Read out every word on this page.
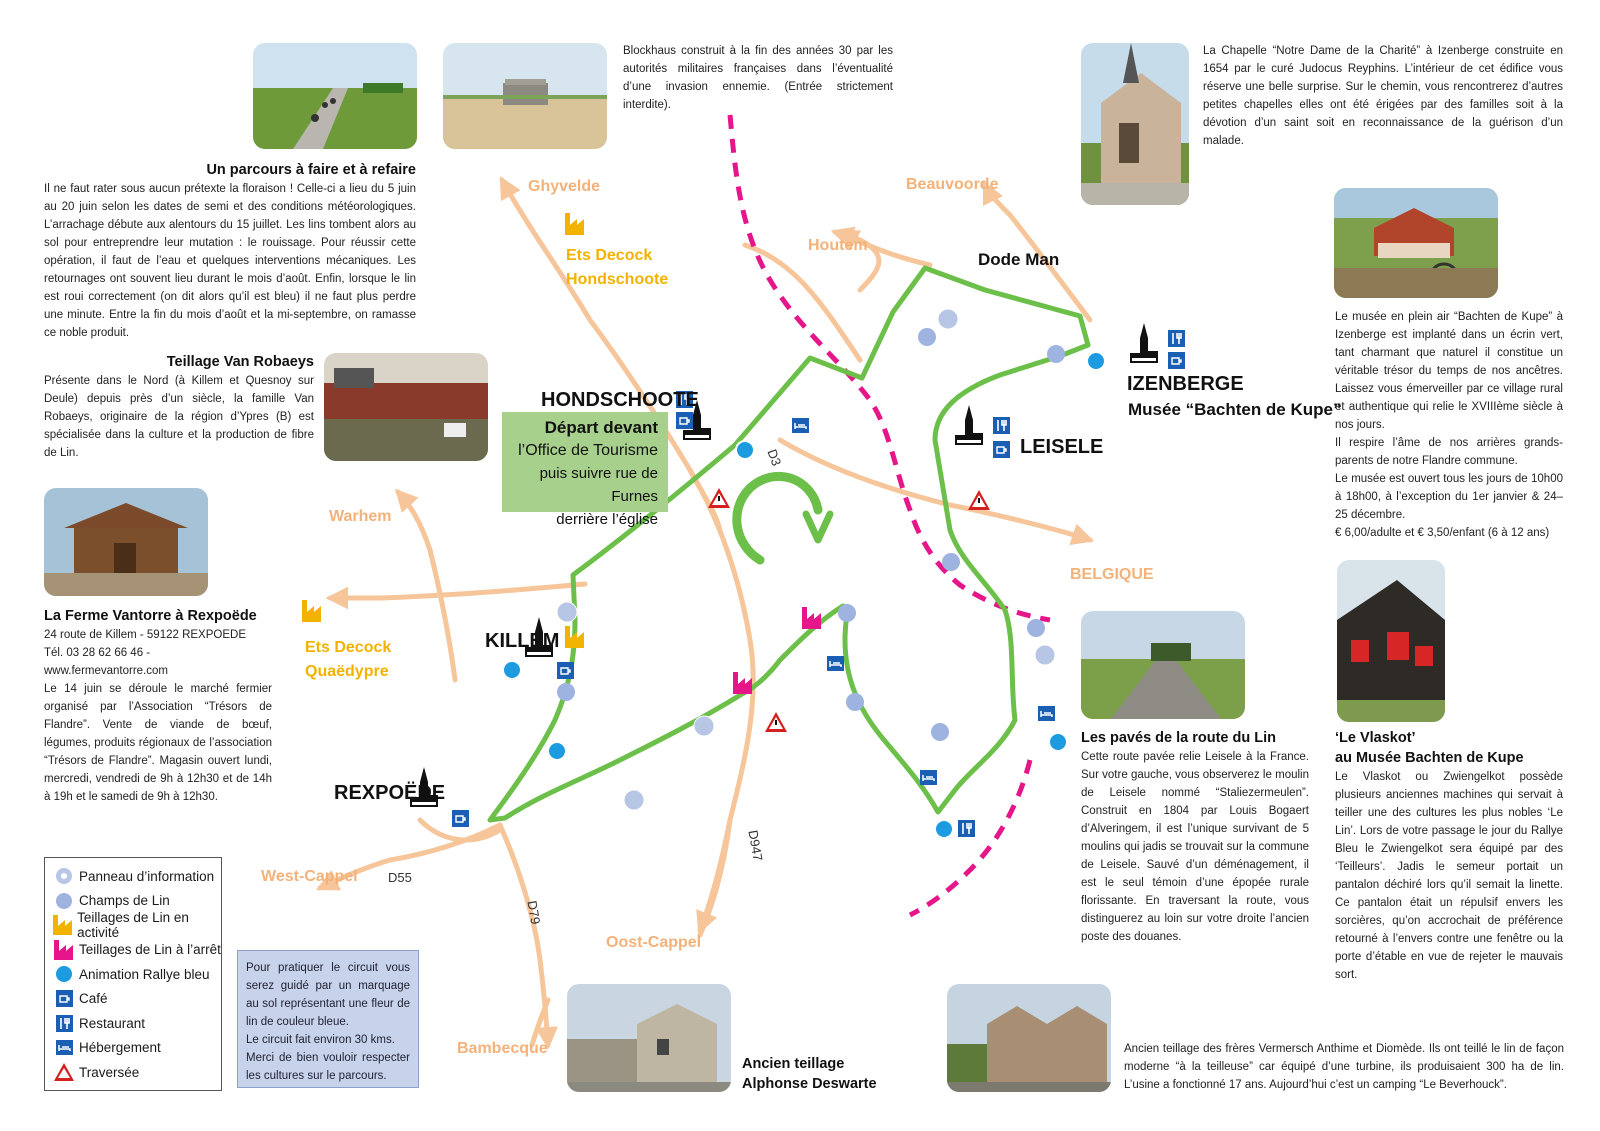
Un parcours à faire et à refaire

Il ne faut rater sous aucun prétexte la floraison ! Celle-ci a lieu du 5 juin au 20 juin selon les dates de semi et des conditions météorologiques. L’arrachage débute aux alentours du 15 juillet. Les lins tombent alors au sol pour entreprendre leur mutation : le rouissage. Pour réussir cette opération, il faut de l’eau et quelques interventions mécaniques. Les retournages ont souvent lieu durant le mois d’août. Enfin, lorsque le lin est roui correctement (on dit alors qu’il est bleu) il ne faut plus perdre une minute. Entre la fin du mois d’août et la mi-septembre, on ramasse ce noble produit.

Blockhaus construit à la fin des années 30 par les autorités militaires françaises dans l’éventualité d’une invasion ennemie. (Entrée strictement interdite).

La Chapelle “Notre Dame de la Charité” à Izenberge construite en 1654 par le curé Judocus Reyphins. L’intérieur de cet édifice vous réserve une belle surprise. Sur le chemin, vous rencontrerez d’autres petites chapelles elles ont été érigées par des familles soit à la dévotion d’un saint soit en reconnaissance de la guérison d’un malade.

Teillage Van Robaeys

Présente dans le Nord (à Killem et Quesnoy sur Deule) depuis près d’un siècle, la famille Van Robaeys, originaire de la région d’Ypres (B) est spécialisée dans la culture et la production de fibre de Lin.

Le musée en plein air “Bachten de Kupe” à Izenberge est implanté dans un écrin vert, tant charmant que naturel il constitue un véritable trésor du temps de nos ancêtres. Laissez vous émerveiller par ce village rural et authentique qui relie le XVIIIème siècle à nos jours.

Il respire l’âme de nos arrières grands-parents de notre Flandre commune.

Le musée est ouvert tous les jours de 10h00 à 18h00, à l’exception du 1er janvier & 24–25 décembre.

€ 6,00/adulte et € 3,50/enfant (6 à 12 ans)

La Ferme Vantorre à Rexpoëde

24 route de Killem - 59122 REXPOEDE

Tél. 03 28 62 66 46 - www.fermevantorre.com

Le 14 juin se déroule le marché fermier organisé par l’Association “Trésors de Flandre”. Vente de viande de bœuf, légumes, produits régionaux de l’association “Trésors de Flandre”. Magasin ouvert lundi, mercredi, vendredi de 9h à 12h30 et de 14h à 19h et le samedi de 9h à 12h30.

Les pavés de la route du Lin

Cette route pavée relie Leisele à la France. Sur votre gauche, vous observerez le moulin de Leisele nommé “Staliezermeulen”. Construit en 1804 par Louis Bogaert d’Alveringem, il est l’unique survivant de 5 moulins qui jadis se trouvait sur la commune de Leisele. Sauvé d’un déménagement, il est le seul témoin d’une épopée rurale florissante. En traversant la route, vous distinguerez au loin sur votre droite l’ancien poste des douanes.

‘Le Vlaskot’
au Musée Bachten de Kupe

Le Vlaskot ou Zwiengelkot possède plusieurs anciennes machines qui servait à teiller une des cultures les plus nobles ‘Le Lin’. Lors de votre passage le jour du Rallye Bleu le Zwiengelkot sera équipé par des ‘Teilleurs’. Jadis le semeur portait un pantalon déchiré lors qu’il semait la linette. Ce pantalon était un répulsif envers les sorcières, qu’on accrochait de préférence retourné à l’envers contre une fenêtre ou la porte d’étable en vue de rejeter le mauvais sort.

Ancien teillage
Alphonse Deswarte

Ancien teillage des frères Vermersch Anthime et Diomède. Ils ont teillé le lin de façon moderne “à la teilleuse” car équipé d’une turbine, ils produisaient 300 ha de lin. L’usine a fonctionné 17 ans. Aujourd’hui c’est un camping “Le Beverhouck”.

HONDSCHOOTE
KILLEM
REXPOËDE
IZENBERGE
Musée “Bachten de Kupe”
LEISELE
Dode Man
Ghyvelde	Beauvoorde
Houtem
Warhem
BELGIQUE
West-Cappel
Oost-Cappel
Bambecque
D3
D55
D79
D947
Ets Decock
Hondschoote
Ets Decock
Quaëdypre
Départ devant
l’Office de Tourisme
puis suivre rue de Furnes
derrière l’église
Panneau d’information
Champs de Lin
Teillages de Lin en activité
Teillages de Lin à l’arrêt
Animation Rallye bleu
Café
Restaurant
Hébergement
Traversée

Pour pratiquer le circuit vous serez guidé par un marquage au sol représentant une fleur de lin de couleur bleue.

Le circuit fait environ 30 kms.

Merci de bien vouloir respecter les cultures sur le parcours.
